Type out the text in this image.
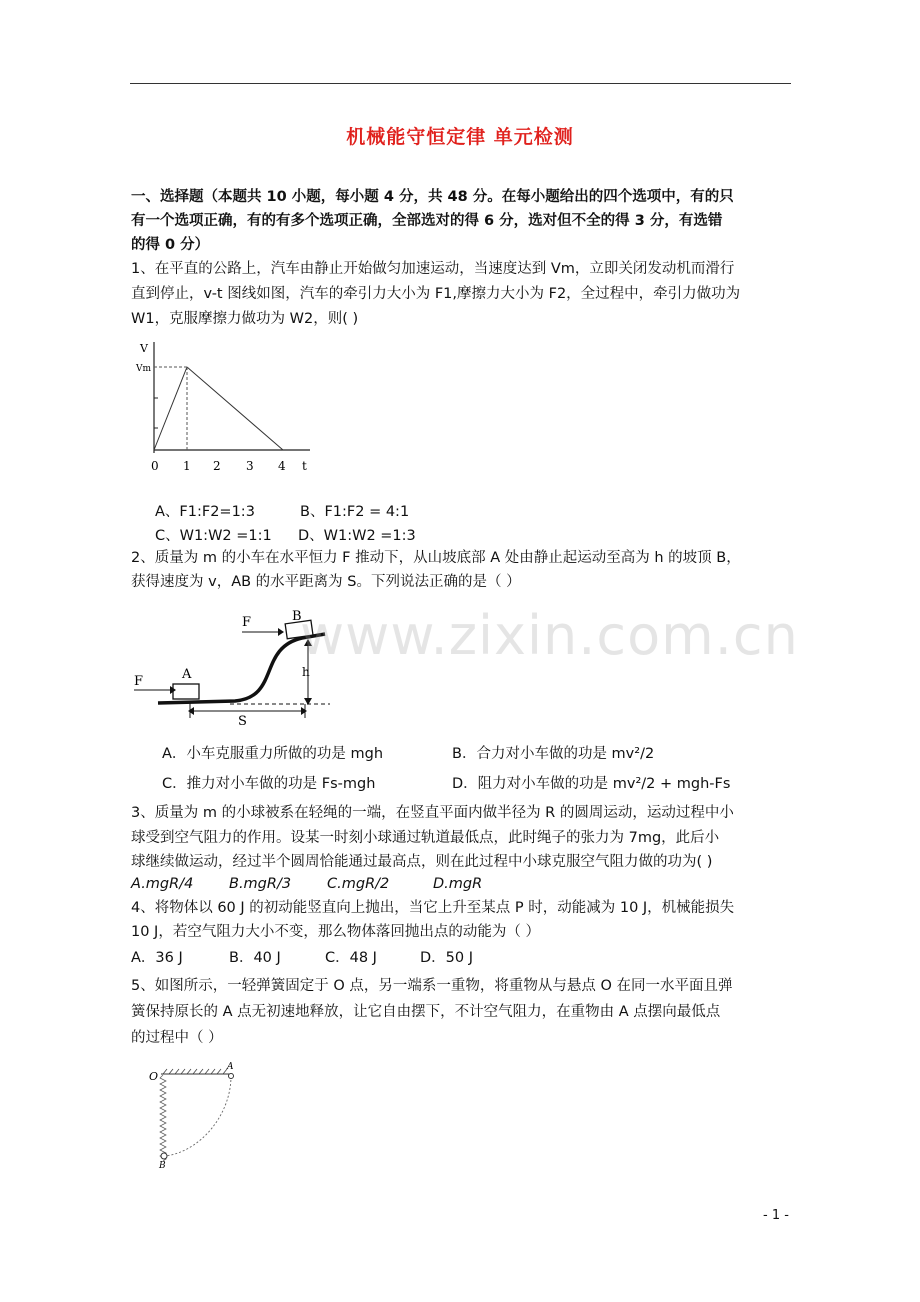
机械能守恒定律 单元检测
一、选择题（本题共 10 小题，每小题 4 分，共 48 分。在每小题给出的四个选项中，有的只
有一个选项正确，有的有多个选项正确，全部选对的得 6 分，选对但不全的得 3 分，有选错
的得 0 分）
1、在平直的公路上，汽车由静止开始做匀加速运动，当速度达到 Vm，立即关闭发动机而滑行
直到停止，v-t 图线如图，汽车的牵引力大小为 F1,摩擦力大小为 F2，全过程中，牵引力做功为
W1，克服摩擦力做功为 W2，则( )
V
Vm
t
0 1 2 3 4
A、F1:F2=1:3	B、F1:F2 = 4:1
C、W1:W2 =1:1 D、W1:W2 =1:3
2、质量为 m 的小车在水平恒力 F 推动下，从山坡底部 A 处由静止起运动至高为 h 的坡顶 B，
获得速度为 v，AB 的水平距离为 S。下列说法正确的是（ ）
F
F
A
B
h
S
A．小车克服重力所做的功是 mgh	B．合力对小车做的功是 mv²/2
C．推力对小车做的功是 Fs-mgh	D．阻力对小车做的功是 mv²/2 + mgh-Fs
3、质量为 m 的小球被系在轻绳的一端，在竖直平面内做半径为 R 的圆周运动，运动过程中小
球受到空气阻力的作用。设某一时刻小球通过轨道最低点，此时绳子的张力为 7mg，此后小
球继续做运动，经过半个圆周恰能通过最高点，则在此过程中小球克服空气阻力做的功为( )
A.mgR/4 B.mgR/3 C.mgR/2	D.mgR
4、将物体以 60 J 的初动能竖直向上抛出，当它上升至某点 P 时，动能减为 10 J，机械能损失
10 J，若空气阻力大小不变，那么物体落回抛出点的动能为（ ）
A．36 J	B．40 J	C．48 J	D．50 J
5、如图所示，一轻弹簧固定于 O 点，另一端系一重物，将重物从与悬点 O 在同一水平面且弹
簧保持原长的 A 点无初速地释放，让它自由摆下，不计空气阻力，在重物由 A 点摆向最低点
的过程中（ ）
O
A
B
www.zixin.com.cn
- 1 -
